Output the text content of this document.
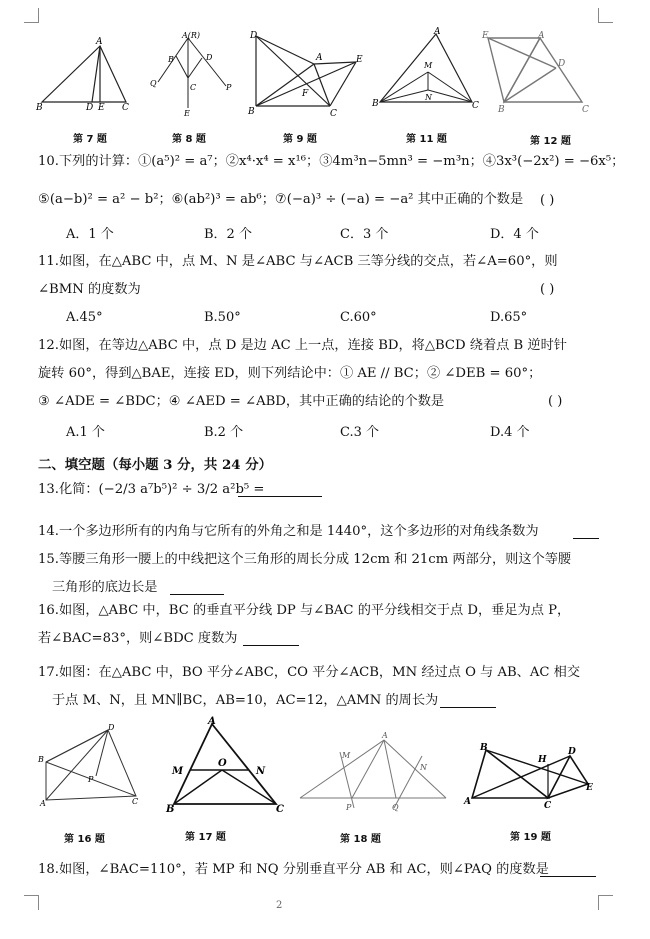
A
B	D E C
A(R)
B	D
Q	P
C
E
D
A	E
F
B	C
A
M
N
B	C
E	A
D
B	C
第 7 题	第 8 题	第 9 题	第 11 题	第 12 题
10.下列的计算：①(a⁵)² = a⁷；②x⁴·x⁴ = x¹⁶；③4m³n−5mn³ = −m³n；④3x³(−2x²) = −6x⁵；
⑤(a−b)² = a² − b²；⑥(ab²)³ = ab⁶；⑦(−a)³ ÷ (−a) = −a² 其中正确的个数是	( )
A．1 个	B．2 个	C．3 个	D．4 个
11.如图，在△ABC 中，点 M、N 是∠ABC 与∠ACB 三等分线的交点，若∠A=60°，则
∠BMN 的度数为	( )
A.45°	B.50°	C.60°	D.65°
12.如图，在等边△ABC 中，点 D 是边 AC 上一点，连接 BD，将△BCD 绕着点 B 逆时针
旋转 60°，得到△BAE，连接 ED，则下列结论中：① AE // BC；② ∠DEB = 60°；
③ ∠ADE = ∠BDC；④ ∠AED = ∠ABD，其中正确的结论的个数是	( )
A.1 个	B.2 个	C.3 个	D.4 个
二、填空题（每小题 3 分，共 24 分）
13.化简：(−2/3 a⁷b⁵)² ÷ 3/2 a²b⁵ =
14.一个多边形所有的内角与它所有的外角之和是 1440°，这个多边形的对角线条数为
15.等腰三角形一腰上的中线把这个三角形的周长分成 12cm 和 21cm 两部分，则这个等腰
三角形的底边长是
16.如图，△ABC 中，BC 的垂直平分线 DP 与∠BAC 的平分线相交于点 D，垂足为点 P，
若∠BAC=83°，则∠BDC 度数为
17.如图：在△ABC 中，BO 平分∠ABC，CO 平分∠ACB，MN 经过点 O 与 AB、AC 相交
于点 M、N，且 MN∥BC，AB=10，AC=12，△AMN 的周长为
D
B
P
A	C
A
M
O
N
B	C
A
M
N
P	Q
B	D
H
E
A	C
第 16 题	第 17 题	第 18 题	第 19 题
18.如图，∠BAC=110°，若 MP 和 NQ 分别垂直平分 AB 和 AC，则∠PAQ 的度数是
2
